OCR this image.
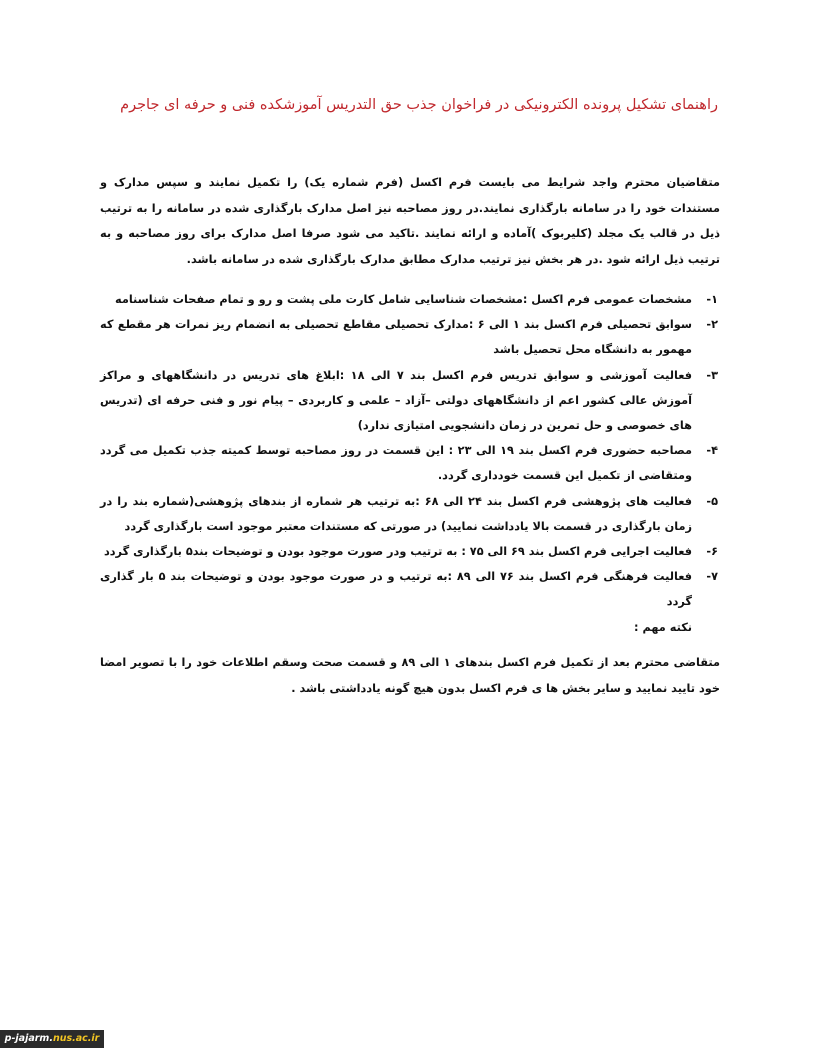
راهنمای تشکیل پرونده الکترونیکی در فراخوان جذب حق التدریس آموزشکده فنی و حرفه ای جاجرم
متقاضیان محترم واجد شرایط می بایست فرم اکسل (فرم شماره یک) را تکمیل نمایند و سپس مدارک و مستندات خود را در سامانه بارگذاری نمایند.در روز مصاحبه نیز اصل مدارک بارگذاری شده در سامانه را به ترتیب ذیل در قالب یک مجلد (کلیربوک )آماده و ارائه نمایند .تاکید می شود صرفا اصل مدارک برای روز مصاحبه و به ترتیب ذیل ارائه شود .در هر بخش نیز ترتیب مدارک مطابق مدارک بارگذاری شده در سامانه باشد.
۱-
مشخصات عمومی فرم اکسل :مشخصات شناسایی شامل کارت ملی پشت و رو و تمام صفحات شناسنامه
۲-
سوابق تحصیلی فرم اکسل بند ۱ الی ۶ :مدارک تحصیلی مقاطع تحصیلی به انضمام ریز نمرات هر مقطع که مهمور به دانشگاه محل تحصیل باشد
۳-
فعالیت آموزشی و سوابق تدریس فرم اکسل بند ۷ الی ۱۸ :ابلاغ های تدریس در دانشگاههای و مراکز آموزش عالی کشور اعم از دانشگاههای دولتی –آزاد – علمی و کاربردی – پیام نور و فنی حرفه ای (تدریس های خصوصی و حل تمرین در زمان دانشجویی امتیازی ندارد)
۴-
مصاحبه حضوری فرم اکسل بند ۱۹ الی ۲۳ : این قسمت در روز مصاحبه توسط کمیته جذب تکمیل می گردد ومتقاضی از تکمیل این قسمت خودداری گردد.
۵-
فعالیت های پژوهشی فرم اکسل بند ۲۴ الی ۶۸ :به ترتیب هر شماره از بندهای پژوهشی(شماره بند را در زمان بارگذاری در قسمت بالا یادداشت نمایید) در صورتی که مستندات معتبر موجود است بارگذاری گردد
۶-
فعالیت اجرایی فرم اکسل بند ۶۹ الی ۷۵ : به ترتیب ودر صورت موجود بودن و توضیحات بند۵ بارگذاری گردد
۷-
فعالیت فرهنگی فرم اکسل بند ۷۶ الی ۸۹ :به ترتیب و در صورت موجود بودن و توضیحات بند ۵ بار گذاری گردد
نکته مهم :
متقاضی محترم بعد از تکمیل فرم اکسل بندهای ۱ الی ۸۹ و قسمت صحت وسقم اطلاعات خود را با تصویر امضا خود تایید نمایید و سایر بخش ها ی فرم اکسل بدون هیچ گونه یادداشتی باشد .
p-jajarm.nus.ac.ir
